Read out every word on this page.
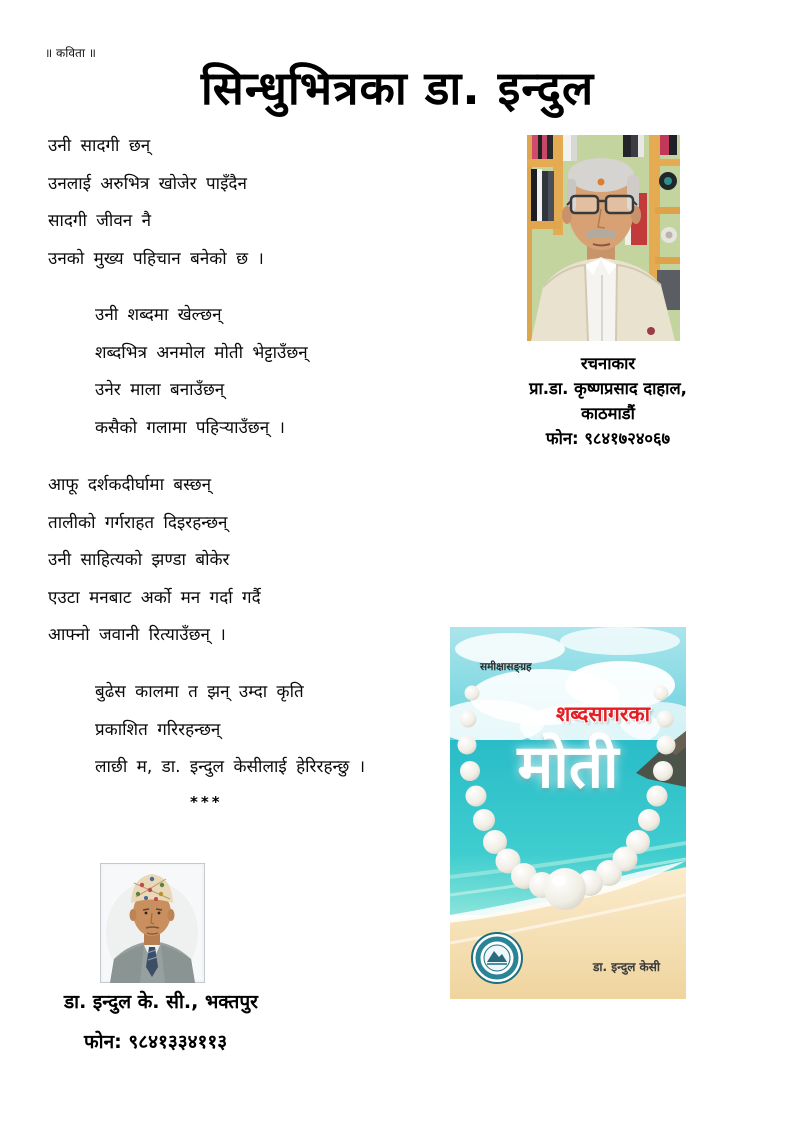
॥ कविता ॥
सिन्धुभित्रका डा. इन्दुल
उनी सादगी छन्
उनलाई अरुभित्र खोजेर पाइँदैन
सादगी जीवन नै
उनको मुख्य पहिचान बनेको छ ।
उनी शब्दमा खेल्छन्
शब्दभित्र अनमोल मोती भेट्टाउँछन्
उनेर माला बनाउँछन्
कसैको गलामा पहिऱ्याउँछन् ।
आफू दर्शकदीर्घामा बस्छन्
तालीको गर्गराहत दिइरहन्छन्
उनी साहित्यको झण्डा बोकेर
एउटा मनबाट अर्को मन गर्दा गर्दै
आफ्नो जवानी रित्याउँछन् ।
बुढेस कालमा त झन् उम्दा कृति
प्रकाशित गरिरहन्छन्
लाछी म, डा. इन्दुल केसीलाई हेरिरहन्छु ।
***
रचनाकार
प्रा.डा. कृष्णप्रसाद दाहाल,
काठमाडौं
फोन: ९८४१७२४०६७
समीक्षासङ्ग्रह
शब्दसागरका
मोती
डा. इन्दुल केसी
डा. इन्दुल के. सी., भक्तपुर
फोन: ९८४१३३४११३
